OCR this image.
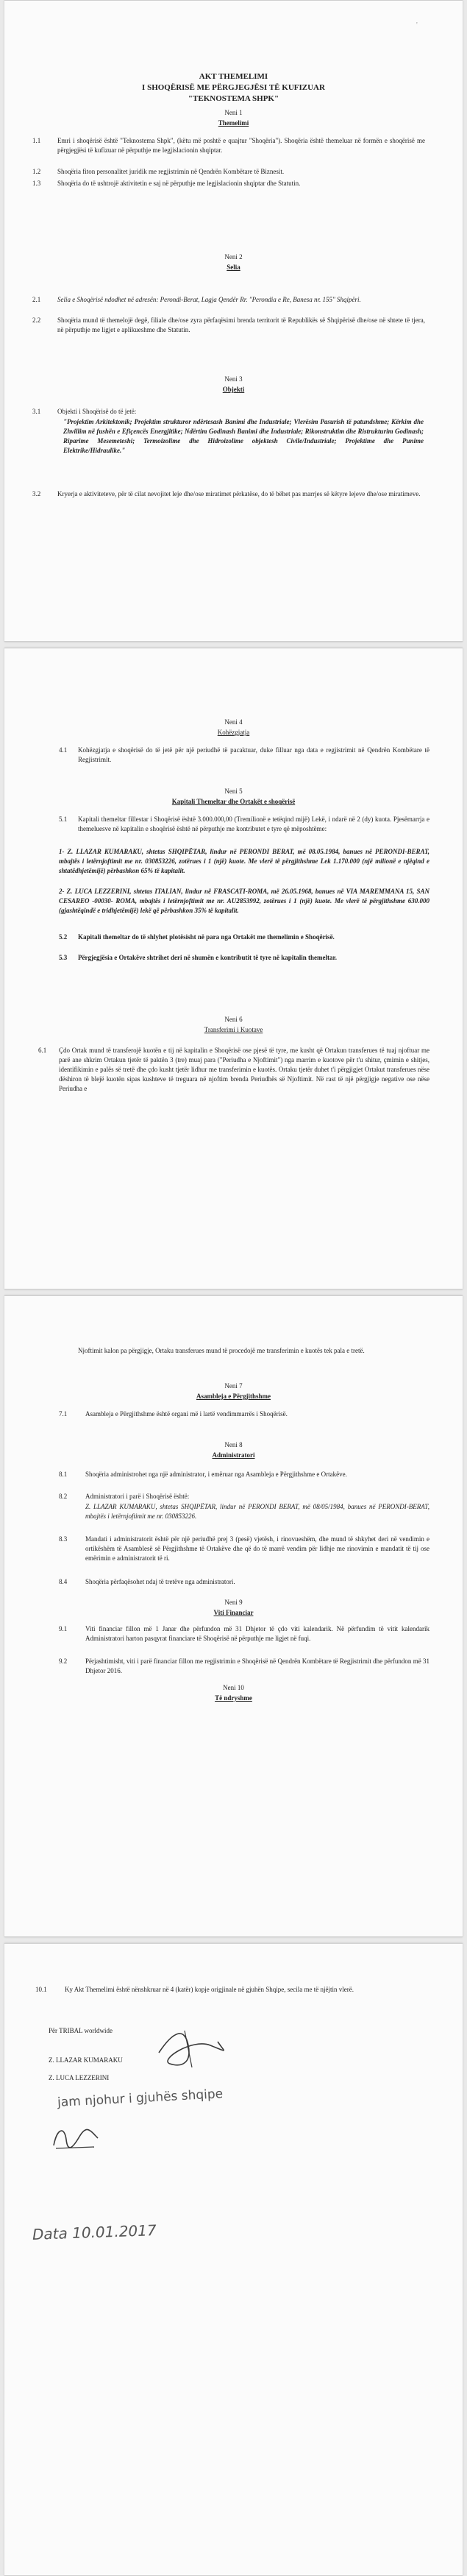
'
AKT THEMELIMI
I SHOQËRISË ME PËRGJEGJËSI TË KUFIZUAR
"TEKNOSTEMA SHPK"
Neni 1
Themelimi
1.1	Emri i shoqërisë është "Teknostema Shpk", (këtu më poshtë e quajtur "Shoqëria"). Shoqëria është themeluar në formën e shoqërisë me përgjegjësi të kufizuar në përputhje me legjislacionin shqiptar.
1.2	Shoqëria fiton personalitet juridik me regjistrimin në Qendrën Kombëtare të Biznesit.
1.3	Shoqëria do të ushtrojë aktivitetin e saj në përputhje me legjislacionin shqiptar dhe Statutin.
Neni 2
Selia
2.1	Selia e Shoqërisë ndodhet në adresën: Perondi-Berat, Lagja Qendër Rr. "Perondia e Re, Banesa nr. 155" Shqipëri.
2.2	Shoqëria mund të themelojë degë, filiale dhe/ose zyra përfaqësimi brenda territorit të Republikës së Shqipërisë dhe/ose në shtete të tjera, në përputhje me ligjet e aplikueshme dhe Statutin.
Neni 3
Objekti
3.1	Objekti i Shoqërisë do të jetë:
"Projektim Arkitektonik; Projektim strukturor ndërtesash Banimi dhe Industriale; Vlerësim Pasurish të patundshme; Kërkim dhe Zhvillim në fushën e Efiçencës Energjitike; Ndërtim Godinash Banimi dhe Industriale; Rikonstruktim dhe Ristrukturim Godinash; Riparime Mesemeteshi; Termoizolime dhe Hidroizolime objektesh Civile/Industriale; Projektime dhe Punime Elektrike/Hidraulike."
3.2	Kryerja e aktiviteteve, për të cilat nevojitet leje dhe/ose miratimet përkatëse, do të bëhet pas marrjes së këtyre lejeve dhe/ose miratimeve.
Neni 4
Kohëzgjatja
4.1 Kohëzgjatja e shoqërisë do të jetë për një periudhë të pacaktuar, duke filluar nga data e regjistrimit në Qendrën Kombëtare të Regjistrimit.
Neni 5
Kapitali Themeltar dhe Ortakët e shoqërisë
5.1 Kapitali themeltar fillestar i Shoqërisë është 3.000.000,00 (Tremilionë e tetëqind mijë) Lekë, i ndarë në 2 (dy) kuota. Pjesëmarrja e themeluesve në kapitalin e shoqërisë është në përputhje me kontributet e tyre që mëposhtëme:
1- Z. LLAZAR KUMARAKU, shtetas SHQIPËTAR, lindur në PERONDI BERAT, më 08.05.1984, banues në PERONDI-BERAT, mbajtës i letërnjoftimit me nr. 030853226, zotërues i 1 (një) kuote. Me vlerë të përgjithshme Lek 1.170.000 (një milionë e njëqind e shtatëdhjetëmijë) përbashkon 65% të kapitalit.
2- Z. LUCA LEZZERINI, shtetas ITALIAN, lindur në FRASCATI-ROMA, më 26.05.1968, banues në VIA MAREMMANA 15, SAN CESAREO -00030- ROMA, mbajtës i letërnjoftimit me nr. AU2853992, zotërues i 1 (një) kuote. Me vlerë të përgjithshme 630.000 (gjashtëqindë e tridhjetëmijë) lekë që përbashkon 35% të kapitalit.
5.2 Kapitali themeltar do të shlyhet plotësisht në para nga Ortakët me themelimin e Shoqërisë.
5.3 Përgjegjësia e Ortakëve shtrihet deri në shumën e kontributit të tyre në kapitalin themeltar.
Neni 6
Transferimi i Kuotave
6.1 Çdo Ortak mund të transferojë kuotën e tij në kapitalin e Shoqërisë ose pjesë të tyre, me kusht që Ortakun transferues të tuaj njoftuar me parë ane shkrim Ortakun tjetër të paktën 3 (tre) muaj para ("Periudha e Njoftimit") nga marrim e kuotove për t'u shitur, çmimin e shitjes, identifikimin e palës së tretë dhe çdo kusht tjetër lidhur me transferimin e kuotës. Ortaku tjetër duhet t'i përgjigjet Ortakut transferues nëse dëshiron të blejë kuotën sipas kushteve të treguara në njoftim brenda Periudhës së Njoftimit. Në rast të një përgjigje negative ose nëse Periudha e
Njoftimit kalon pa përgjigje, Ortaku transferues mund të procedojë me transferimin e kuotës tek pala e tretë.
Neni 7
Asambleja e Përgjithshme
7.1	Asambleja e Përgjithshme është organi më i lartë vendimmarrës i Shoqërisë.
Neni 8
Administratori
8.1	Shoqëria administrohet nga një administrator, i emëruar nga Asambleja e Përgjithshme e Ortakëve.
8.2	Administratori i parë i Shoqërisë është:
Z. LLAZAR KUMARAKU, shtetas SHQIPËTAR, lindur në PERONDI BERAT, më 08/05/1984, banues në PERONDI-BERAT, mbajtës i letërnjoftimit me nr. 030853226.
8.3	Mandati i administratorit është për një periudhë prej 3 (pesë) vjetësh, i rinovueshëm, dhe mund të shkyhet deri në vendimin e ortikëshëm të Asamblesë së Përgjithshme të Ortakëve dhe që do të marrë vendim për lidhje me rinovimin e mandatit të tij ose emërimin e administratorit të ri.
8.4	Shoqëria përfaqësohet ndaj të tretëve nga administratori.
Neni 9
Viti Financiar
9.1	Viti financiar fillon më 1 Janar dhe përfundon më 31 Dhjetor të çdo viti kalendarik. Në përfundim të vitit kalendarik Administratori harton pasqyrat financiare të Shoqërisë në përputhje me ligjet në fuqi.
9.2	Përjashtimisht, viti i parë financiar fillon me regjistrimin e Shoqërisë në Qendrën Kombëtare të Regjistrimit dhe përfundon më 31 Dhjetor 2016.
Neni 10
Të ndryshme
10.1	Ky Akt Themelimi është nënshkruar në 4 (katër) kopje origjinale në gjuhën Shqipe, secila me të njëjtin vlerë.
Për TRIBAL worldwide
Z. LLAZAR KUMARAKU
Z. LUCA LEZZERINI
jam njohur i gjuhës shqipe
Data 10.01.2017
